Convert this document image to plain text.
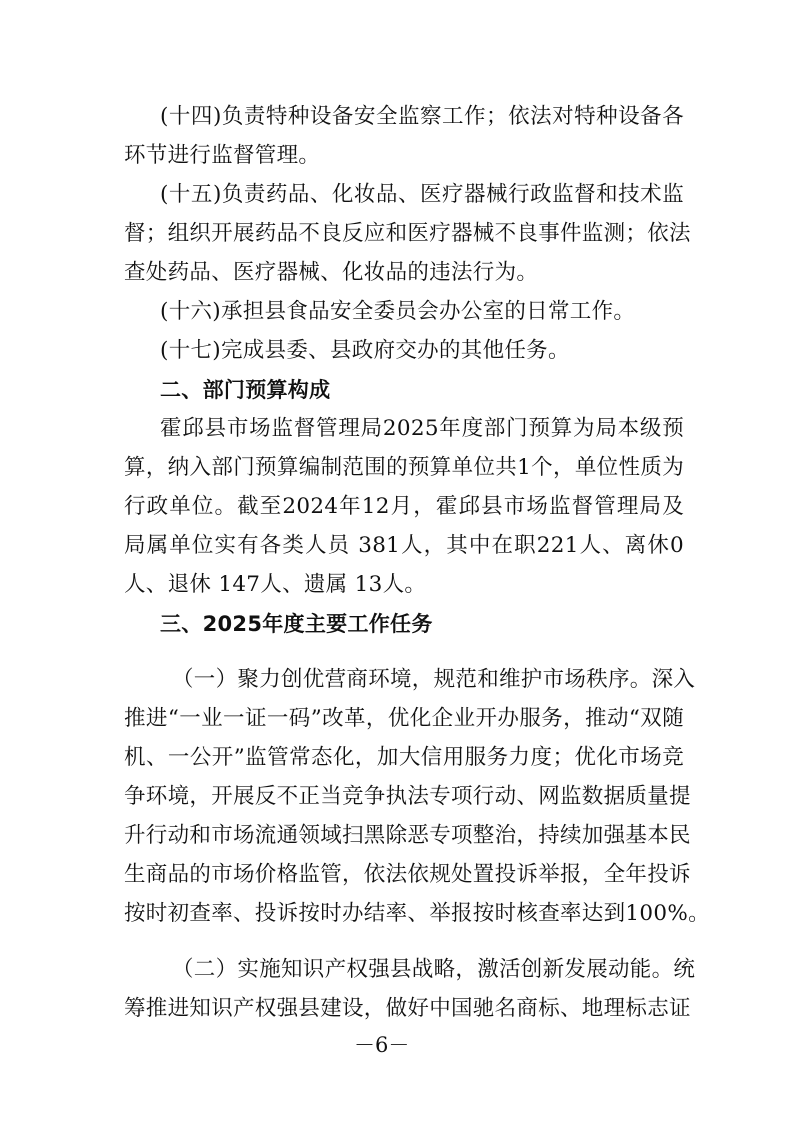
(十四)负责特种设备安全监察工作；依法对特种设备各
环节进行监督管理。
(十五)负责药品、化妆品、医疗器械行政监督和技术监
督；组织开展药品不良反应和医疗器械不良事件监测；依法
查处药品、医疗器械、化妆品的违法行为。
(十六)承担县食品安全委员会办公室的日常工作。
(十七)完成县委、县政府交办的其他任务。
二、部门预算构成
霍邱县市场监督管理局2025年度部门预算为局本级预
算，纳入部门预算编制范围的预算单位共1个，单位性质为
行政单位。截至2024年12月，霍邱县市场监督管理局及
局属单位实有各类人员 381人，其中在职221人、离休0
人、退休 147人、遗属 13人。
三、2025年度主要工作任务
（一）聚力创优营商环境，规范和维护市场秩序。深入
推进“一业一证一码”改革，优化企业开办服务，推动“双随
机、一公开”监管常态化，加大信用服务力度；优化市场竞
争环境，开展反不正当竞争执法专项行动、网监数据质量提
升行动和市场流通领域扫黑除恶专项整治，持续加强基本民
生商品的市场价格监管，依法依规处置投诉举报，全年投诉
按时初查率、投诉按时办结率、举报按时核查率达到100%。
（二）实施知识产权强县战略，激活创新发展动能。统
筹推进知识产权强县建设，做好中国驰名商标、地理标志证
－6－
